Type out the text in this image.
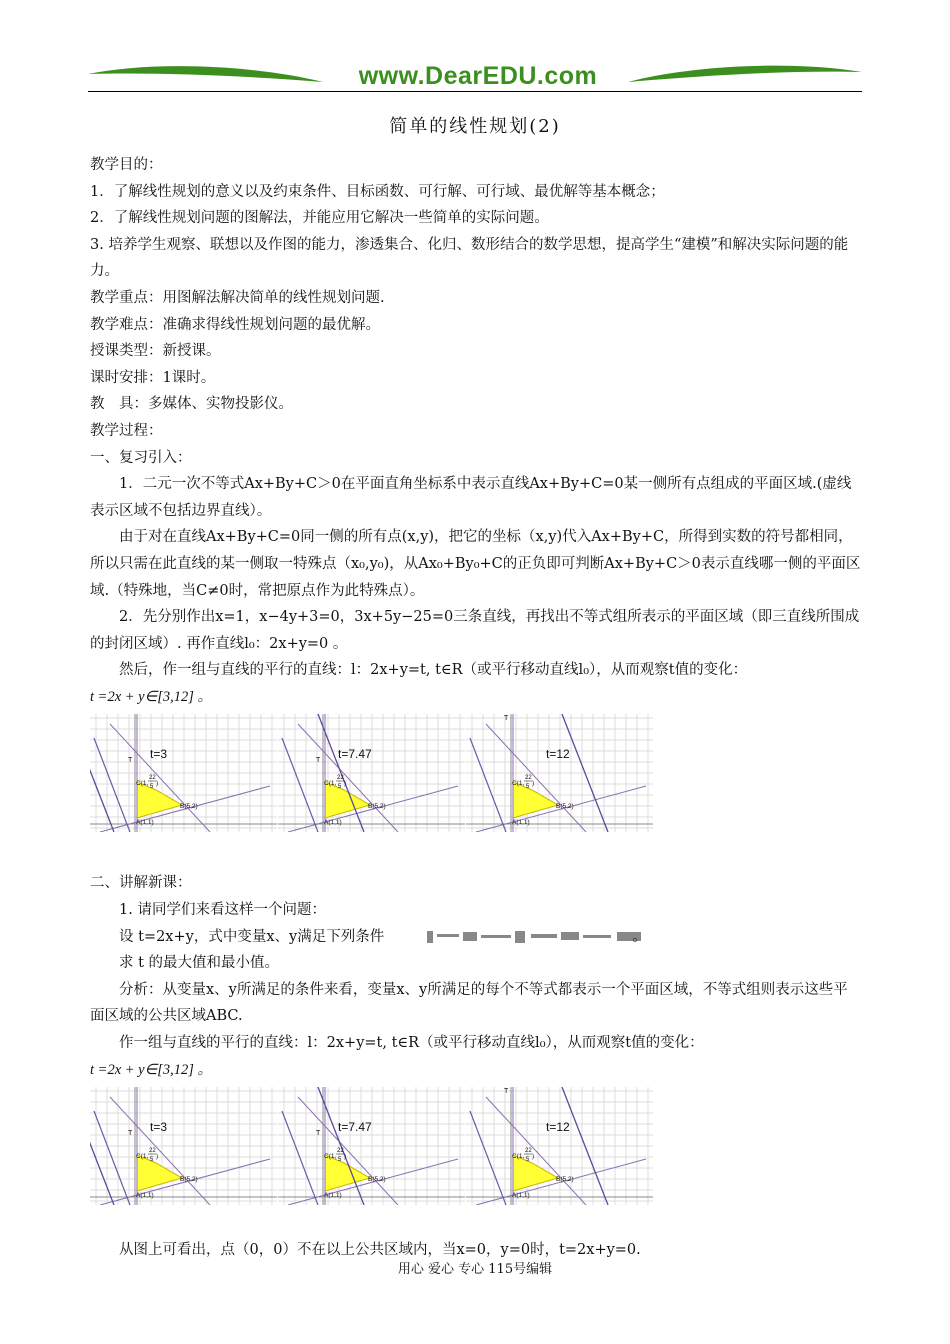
www.DearEDU.com
简单的线性规划(2)

教学目的：

1．了解线性规划的意义以及约束条件、目标函数、可行解、可行域、最优解等基本概念；

2．了解线性规划问题的图解法，并能应用它解决一些简单的实际问题。

3. 培养学生观察、联想以及作图的能力，渗透集合、化归、数形结合的数学思想，提高学生“建模”和解决实际问题的能力。

教学重点：用图解法解决简单的线性规划问题.

教学难点：准确求得线性规划问题的最优解。

授课类型：新授课。

课时安排：1课时。

教　具：多媒体、实物投影仪。

教学过程：

一、复习引入：

1．二元一次不等式Ax+By+C＞0在平面直角坐标系中表示直线Ax+By+C=0某一侧所有点组成的平面区域.(虚线表示区域不包括边界直线）。

由于对在直线Ax+By+C=0同一侧的所有点(x,y)，把它的坐标（x,y)代入Ax+By+C，所得到实数的符号都相同，所以只需在此直线的某一侧取一特殊点（x₀,y₀)，从Ax₀+By₀+C的正负即可判断Ax+By+C＞0表示直线哪一侧的平面区域.（特殊地，当C≠0时，常把原点作为此特殊点）。

2．先分别作出x=1，x−4y+3=0，3x+5y−25=0三条直线，再找出不等式组所表示的平面区域（即三直线所围成的封闭区域）. 再作直线l₀：2x+y=0 。

然后，作一组与直线的平行的直线：l：2x+y=t, t∈R（或平行移动直线l₀），从而观察t值的变化：

t =2x + y∈[3,12] 。

t=3
T
C(1,
22
5 )
B(5,2)
A(1,1)
t=7.47
T
C(1,
22
5 )
B(5,2)
A(1,1)
t=12
T
C(1,
22
5 )
B(5,2)
A(1,1)

二、讲解新课：

1. 请同学们来看这样一个问题：

设 t=2x+y，式中变量x、y满足下列条件	。

求 t 的最大值和最小值。

分析：从变量x、y所满足的条件来看，变量x、y所满足的每个不等式都表示一个平面区域，不等式组则表示这些平面区域的公共区域ABC.

作一组与直线的平行的直线：l：2x+y=t, t∈R（或平行移动直线l₀），从而观察t值的变化：

t =2x + y∈[3,12] 。

t=3
T
C(1,
22
5 )
B(5,2)
A(1,1)
t=7.47
T
C(1,
22
5 )
B(5,2)
A(1,1)
t=12
T
C(1,
22
5 )
B(5,2)
A(1,1)

从图上可看出，点（0，0）不在以上公共区域内，当x=0，y=0时，t=2x+y=0.

用心 爱心 专心 115号编辑
